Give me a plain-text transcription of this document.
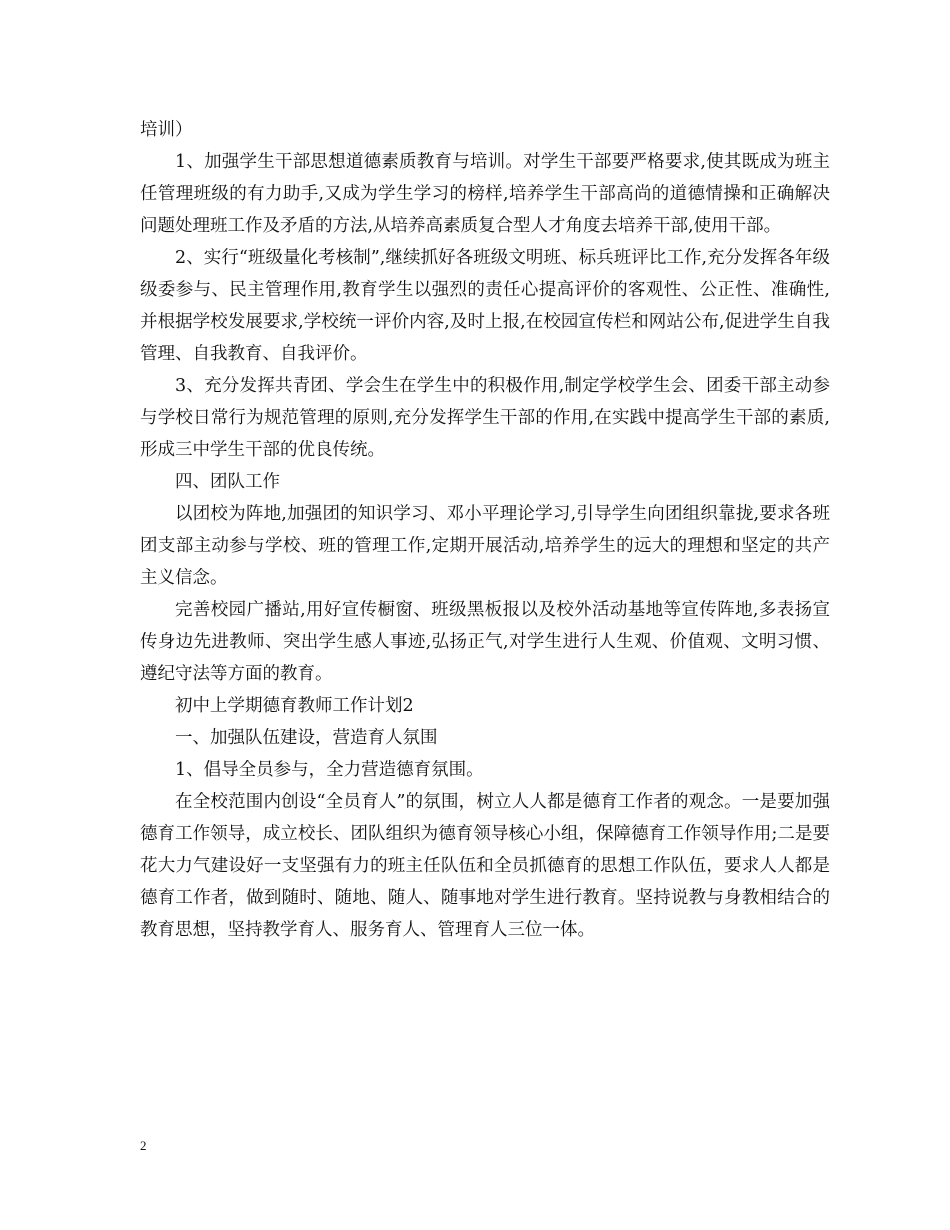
培训）

1、加强学生干部思想道德素质教育与培训。对学生干部要严格要求,使其既成为班主任管理班级的有力助手,又成为学生学习的榜样,培养学生干部高尚的道德情操和正确解决问题处理班工作及矛盾的方法,从培养高素质复合型人才角度去培养干部,使用干部。

2、实行“班级量化考核制”,继续抓好各班级文明班、标兵班评比工作,充分发挥各年级级委参与、民主管理作用,教育学生以强烈的责任心提高评价的客观性、公正性、准确性,并根据学校发展要求,学校统一评价内容,及时上报,在校园宣传栏和网站公布,促进学生自我管理、自我教育、自我评价。

3、充分发挥共青团、学会生在学生中的积极作用,制定学校学生会、团委干部主动参与学校日常行为规范管理的原则,充分发挥学生干部的作用,在实践中提高学生干部的素质,形成三中学生干部的优良传统。

四、团队工作

以团校为阵地,加强团的知识学习、邓小平理论学习,引导学生向团组织靠拢,要求各班团支部主动参与学校、班的管理工作,定期开展活动,培养学生的远大的理想和坚定的共产主义信念。

完善校园广播站,用好宣传橱窗、班级黑板报以及校外活动基地等宣传阵地,多表扬宣传身边先进教师、突出学生感人事迹,弘扬正气,对学生进行人生观、价值观、文明习惯、遵纪守法等方面的教育。

初中上学期德育教师工作计划2

一、加强队伍建设，营造育人氛围

1、倡导全员参与，全力营造德育氛围。

在全校范围内创设“全员育人”的氛围，树立人人都是德育工作者的观念。一是要加强德育工作领导，成立校长、团队组织为德育领导核心小组，保障德育工作领导作用;二是要花大力气建设好一支坚强有力的班主任队伍和全员抓德育的思想工作队伍，要求人人都是德育工作者，做到随时、随地、随人、随事地对学生进行教育。坚持说教与身教相结合的教育思想，坚持教学育人、服务育人、管理育人三位一体。

2
